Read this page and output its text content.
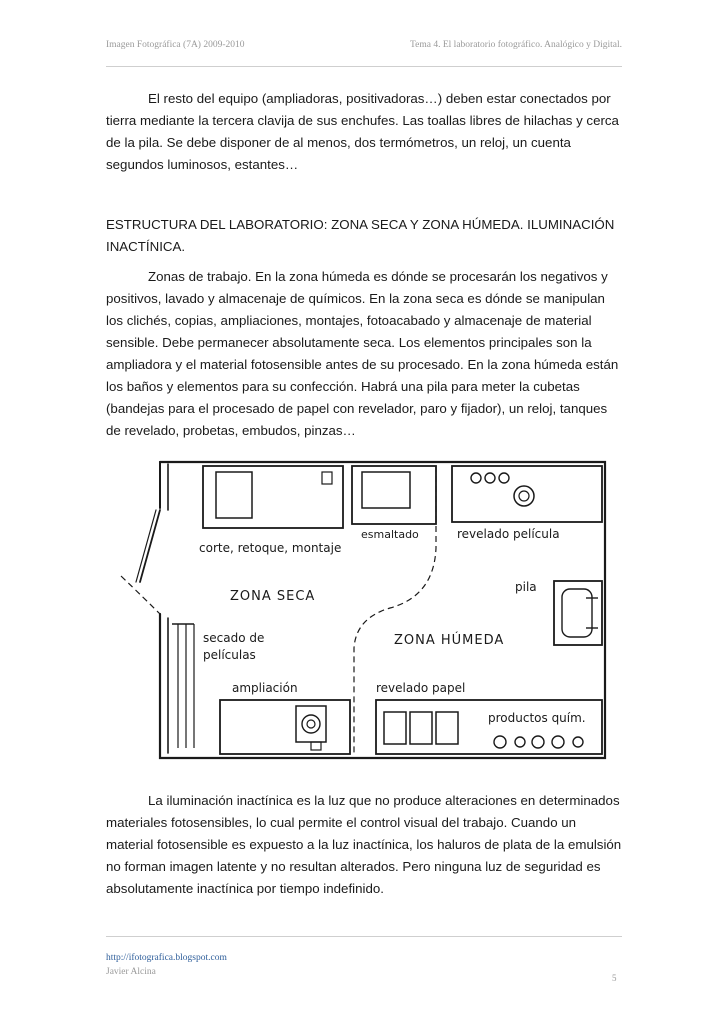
Imagen Fotográfica (7A) 2009-2010	Tema 4. El laboratorio fotográfico. Analógico y Digital.

El resto del equipo (ampliadoras, positivadoras…) deben estar conectados por tierra mediante la tercera clavija de sus enchufes. Las toallas libres de hilachas y cerca de la pila. Se debe disponer de al menos, dos termómetros, un reloj, un cuenta segundos luminosos, estantes…

ESTRUCTURA DEL LABORATORIO: ZONA SECA Y ZONA HÚMEDA. ILUMINACIÓN INACTÍNICA.

Zonas de trabajo. En la zona húmeda es dónde se procesarán los negativos y positivos, lavado y almacenaje de químicos. En la zona seca es dónde se manipulan los clichés, copias, ampliaciones, montajes, fotoacabado y almacenaje de material sensible. Debe permanecer absolutamente seca. Los elementos principales son la ampliadora y el material fotosensible antes de su procesado. En la zona húmeda están los baños y elementos para su confección. Habrá una pila para meter la cubetas (bandejas para el procesado de papel con revelador, paro y fijador), un reloj, tanques de revelado, probetas, embudos, pinzas…

corte, retoque, montaje
esmaltado	revelado película
ZONA SECA
pila
secado de
películas
ZONA HÚMEDA
ampliación	revelado papel
productos quím.

La iluminación inactínica es la luz que no produce alteraciones en determinados materiales fotosensibles, lo cual permite el control visual del trabajo. Cuando un material fotosensible es expuesto a la luz inactínica, los haluros de plata de la emulsión no forman imagen latente y no resultan alterados. Pero ninguna luz de seguridad es absolutamente inactínica por tiempo indefinido.

http://ifotografica.blogspot.com
Javier Alcina
5
